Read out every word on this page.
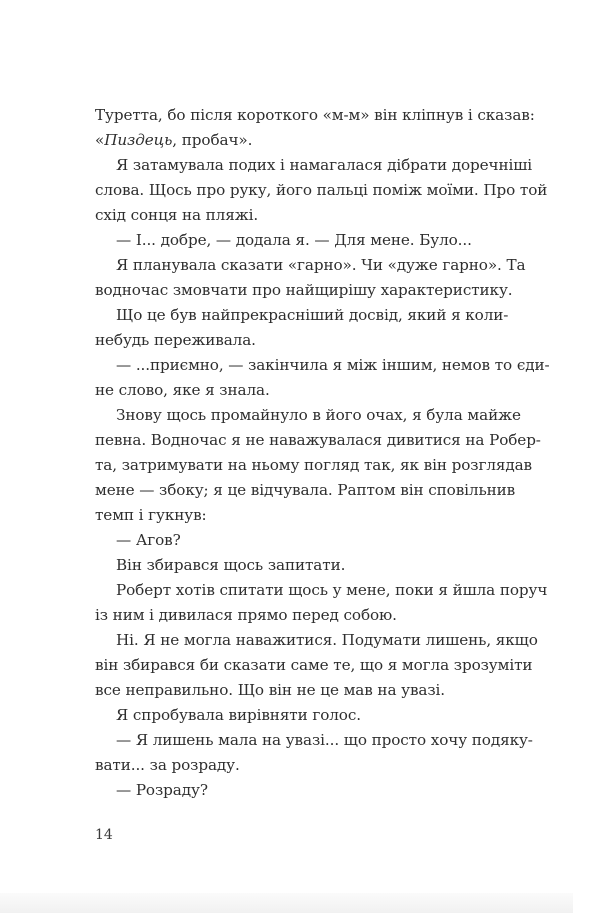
Туретта, бо після короткого «м-м» він кліпнув і сказав:
«Пиздець, пробач».

Я затамувала подих і намагалася дібрати доречніші
слова. Щось про руку, його пальці поміж моїми. Про той
схід сонця на пляжі.

— І... добре, — додала я. — Для мене. Було...

Я планувала сказати «гарно». Чи «дуже гарно». Та
водночас змовчати про найщирішу характеристику.

Що це був найпрекрасніший досвід, який я коли-
небудь переживала.

— ...приємно, — закінчила я між іншим, немов то єди-
не слово, яке я знала.

Знову щось промайнуло в його очах, я була майже
певна. Водночас я не наважувалася дивитися на Робер-
та, затримувати на ньому погляд так, як він розглядав
мене — збоку; я це відчувала. Раптом він сповільнив
темп і гукнув:

— Агов?

Він збирався щось запитати.

Роберт хотів спитати щось у мене, поки я йшла поруч
із ним і дивилася прямо перед собою.

Ні. Я не могла наважитися. Подумати лишень, якщо
він збирався би сказати саме те, що я могла зрозуміти
все неправильно. Що він не це мав на увазі.

Я спробувала вирівняти голос.

— Я лишень мала на увазі... що просто хочу подяку-
вати... за розраду.

— Розраду?

14
